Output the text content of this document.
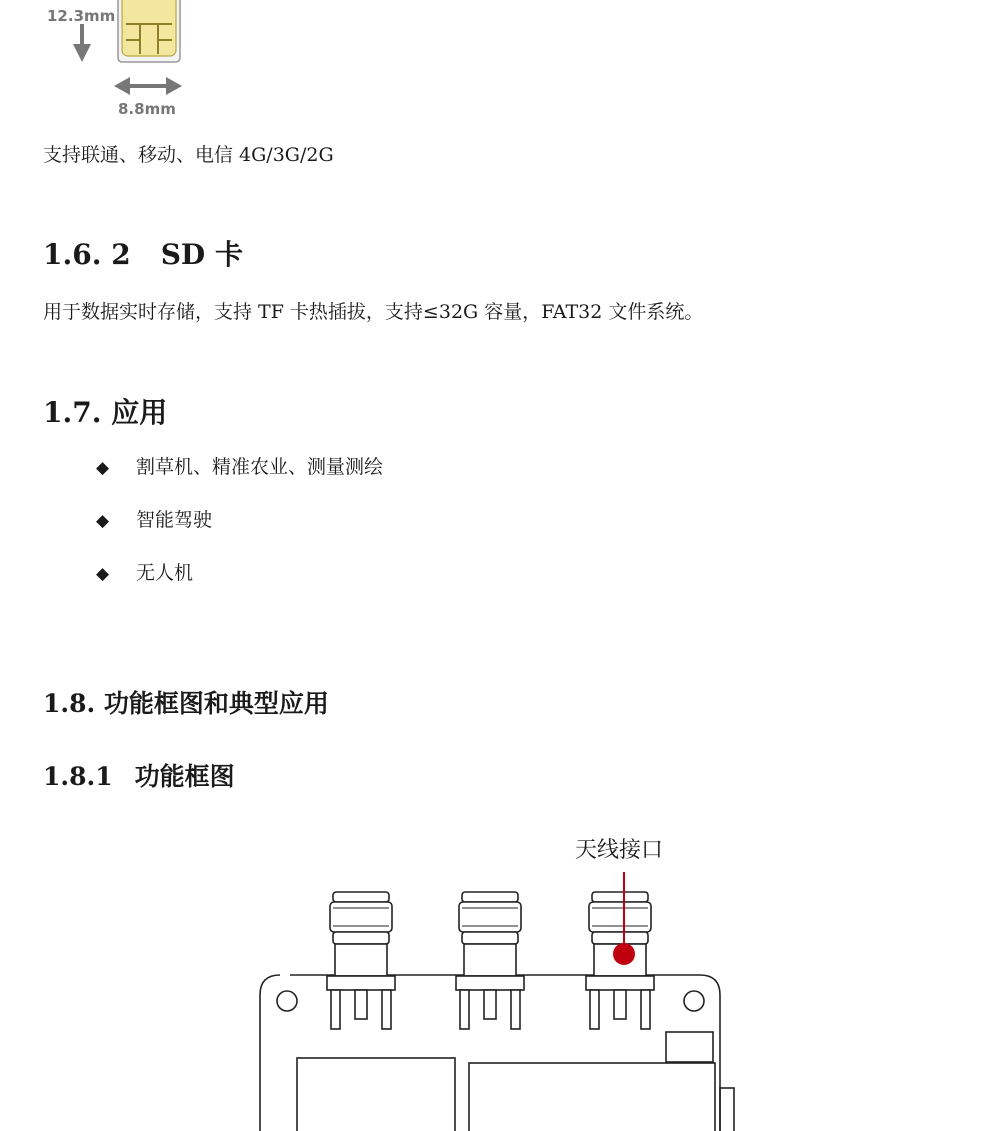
12.3mm
8.8mm
支持联通、移动、电信 4G/3G/2G
1.6. 2 SD 卡
用于数据实时存储，支持 TF 卡热插拔，支持≤32G 容量，FAT32 文件系统。
1.7. 应用
◆ 割草机、精准农业、测量测绘
◆ 智能驾驶
◆ 无人机
1.8. 功能框图和典型应用
1.8.1 功能框图
天线接口
